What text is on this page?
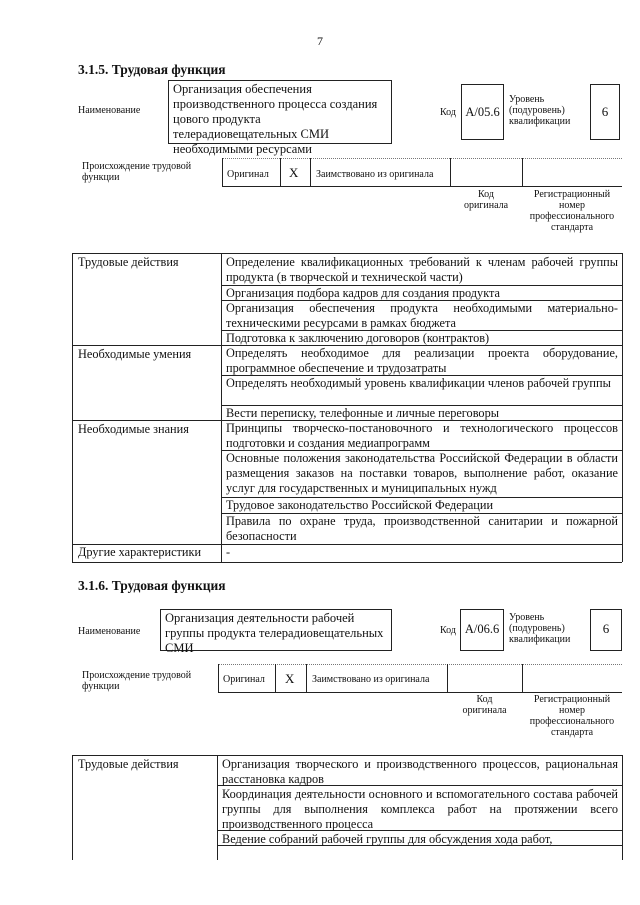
7
3.1.5. Трудовая функция
Наименование
Организация обеспечения производственного процесса создания цового продукта телерадиовещательных СМИ необходимыми ресурсами
Код A/05.6
Уровень
(подуровень)
квалификации
6
Происхождение трудовой
функции	Оригинал X Заимствовано из оригинала
Код
оригинала
Регистрационный
номер
профессионального
стандарта
Трудовые действия
Необходимые умения
Необходимые знания
Другие характеристики
Определение квалификационных требований к членам рабочей группы продукта (в творческой и технической части)
Организация подбора кадров для создания продукта
Организация обеспечения продукта необходимыми материально-техническими ресурсами в рамках бюджета
Подготовка к заключению договоров (контрактов)
Определять необходимое для реализации проекта оборудование, программное обеспечение и трудозатраты
Определять необходимый уровень квалификации членов рабочей группы
Вести переписку, телефонные и личные переговоры
Принципы творческо-постановочного и технологического процессов подготовки и создания медиапрограмм
Основные положения законодательства Российской Федерации в области размещения заказов на поставки товаров, выполнение работ, оказание услуг для государственных и муниципальных нужд
Трудовое законодательство Российской Федерации
Правила по охране труда, производственной санитарии и пожарной безопасности
-
3.1.6. Трудовая функция
Наименование
Организация деятельности рабочей группы продукта телерадиовещательных СМИ
Код A/06.6
Уровень
(подуровень)
квалификации
6
Происхождение трудовой
функции
Оригинал X Заимствовано из оригинала
Код
оригинала
Регистрационный
номер
профессионального
стандарта
Трудовые действия	Организация творческого и производственного процессов, рациональная расстановка кадров
Координация деятельности основного и вспомогательного состава рабочей группы для выполнения комплекса работ на протяжении всего производственного процесса
Ведение собраний рабочей группы для обсуждения хода работ,
